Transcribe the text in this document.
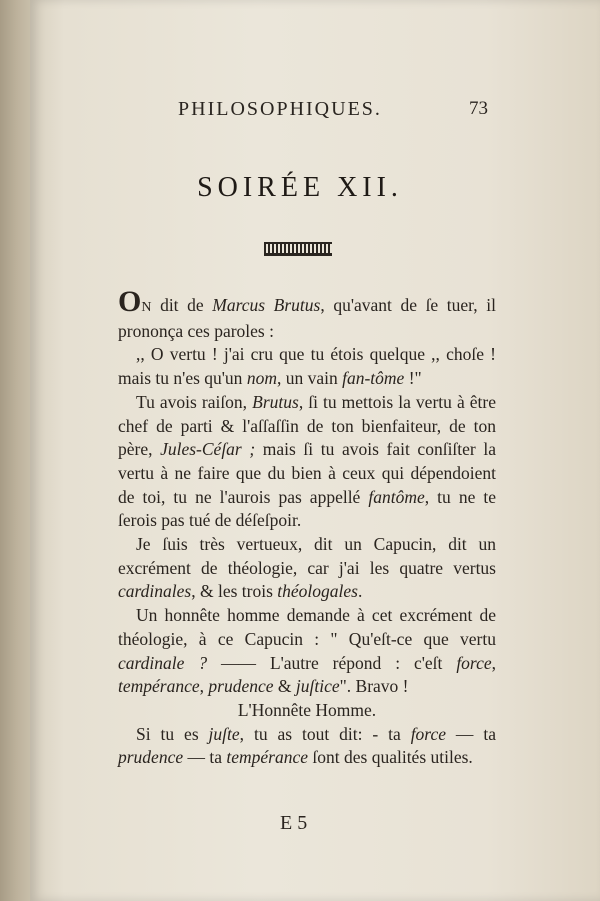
PHILOSOPHIQUES.	73
SOIRÉE XII.

ON dit de Marcus Brutus, qu'avant de ſe tuer, il prononça ces paroles :

,, O vertu ! j'ai cru que tu étois quelque ,, choſe ! mais tu n'es qu'un nom, un vain fan-tôme !"

Tu avois raiſon, Brutus, ſi tu mettois la vertu à être chef de parti & l'aſſaſſin de ton bienfaiteur, de ton père, Jules-Céſar ; mais ſi tu avois fait conſiſter la vertu à ne faire que du bien à ceux qui dépendoient de toi, tu ne l'aurois pas appellé fantôme, tu ne te ſerois pas tué de déſeſpoir.

Je ſuis très vertueux, dit un Capucin, dit un excrément de théologie, car j'ai les quatre vertus cardinales, & les trois théologales.

Un honnête homme demande à cet excrément de théologie, à ce Capucin : " Qu'eſt-ce que vertu cardinale ? —— L'autre répond : c'eſt force, tempérance, prudence & juſtice". Bravo !

L'Honnête Homme.

Si tu es juſte, tu as tout dit: - ta force — ta prudence — ta tempérance ſont des qualités utiles.

E 5
